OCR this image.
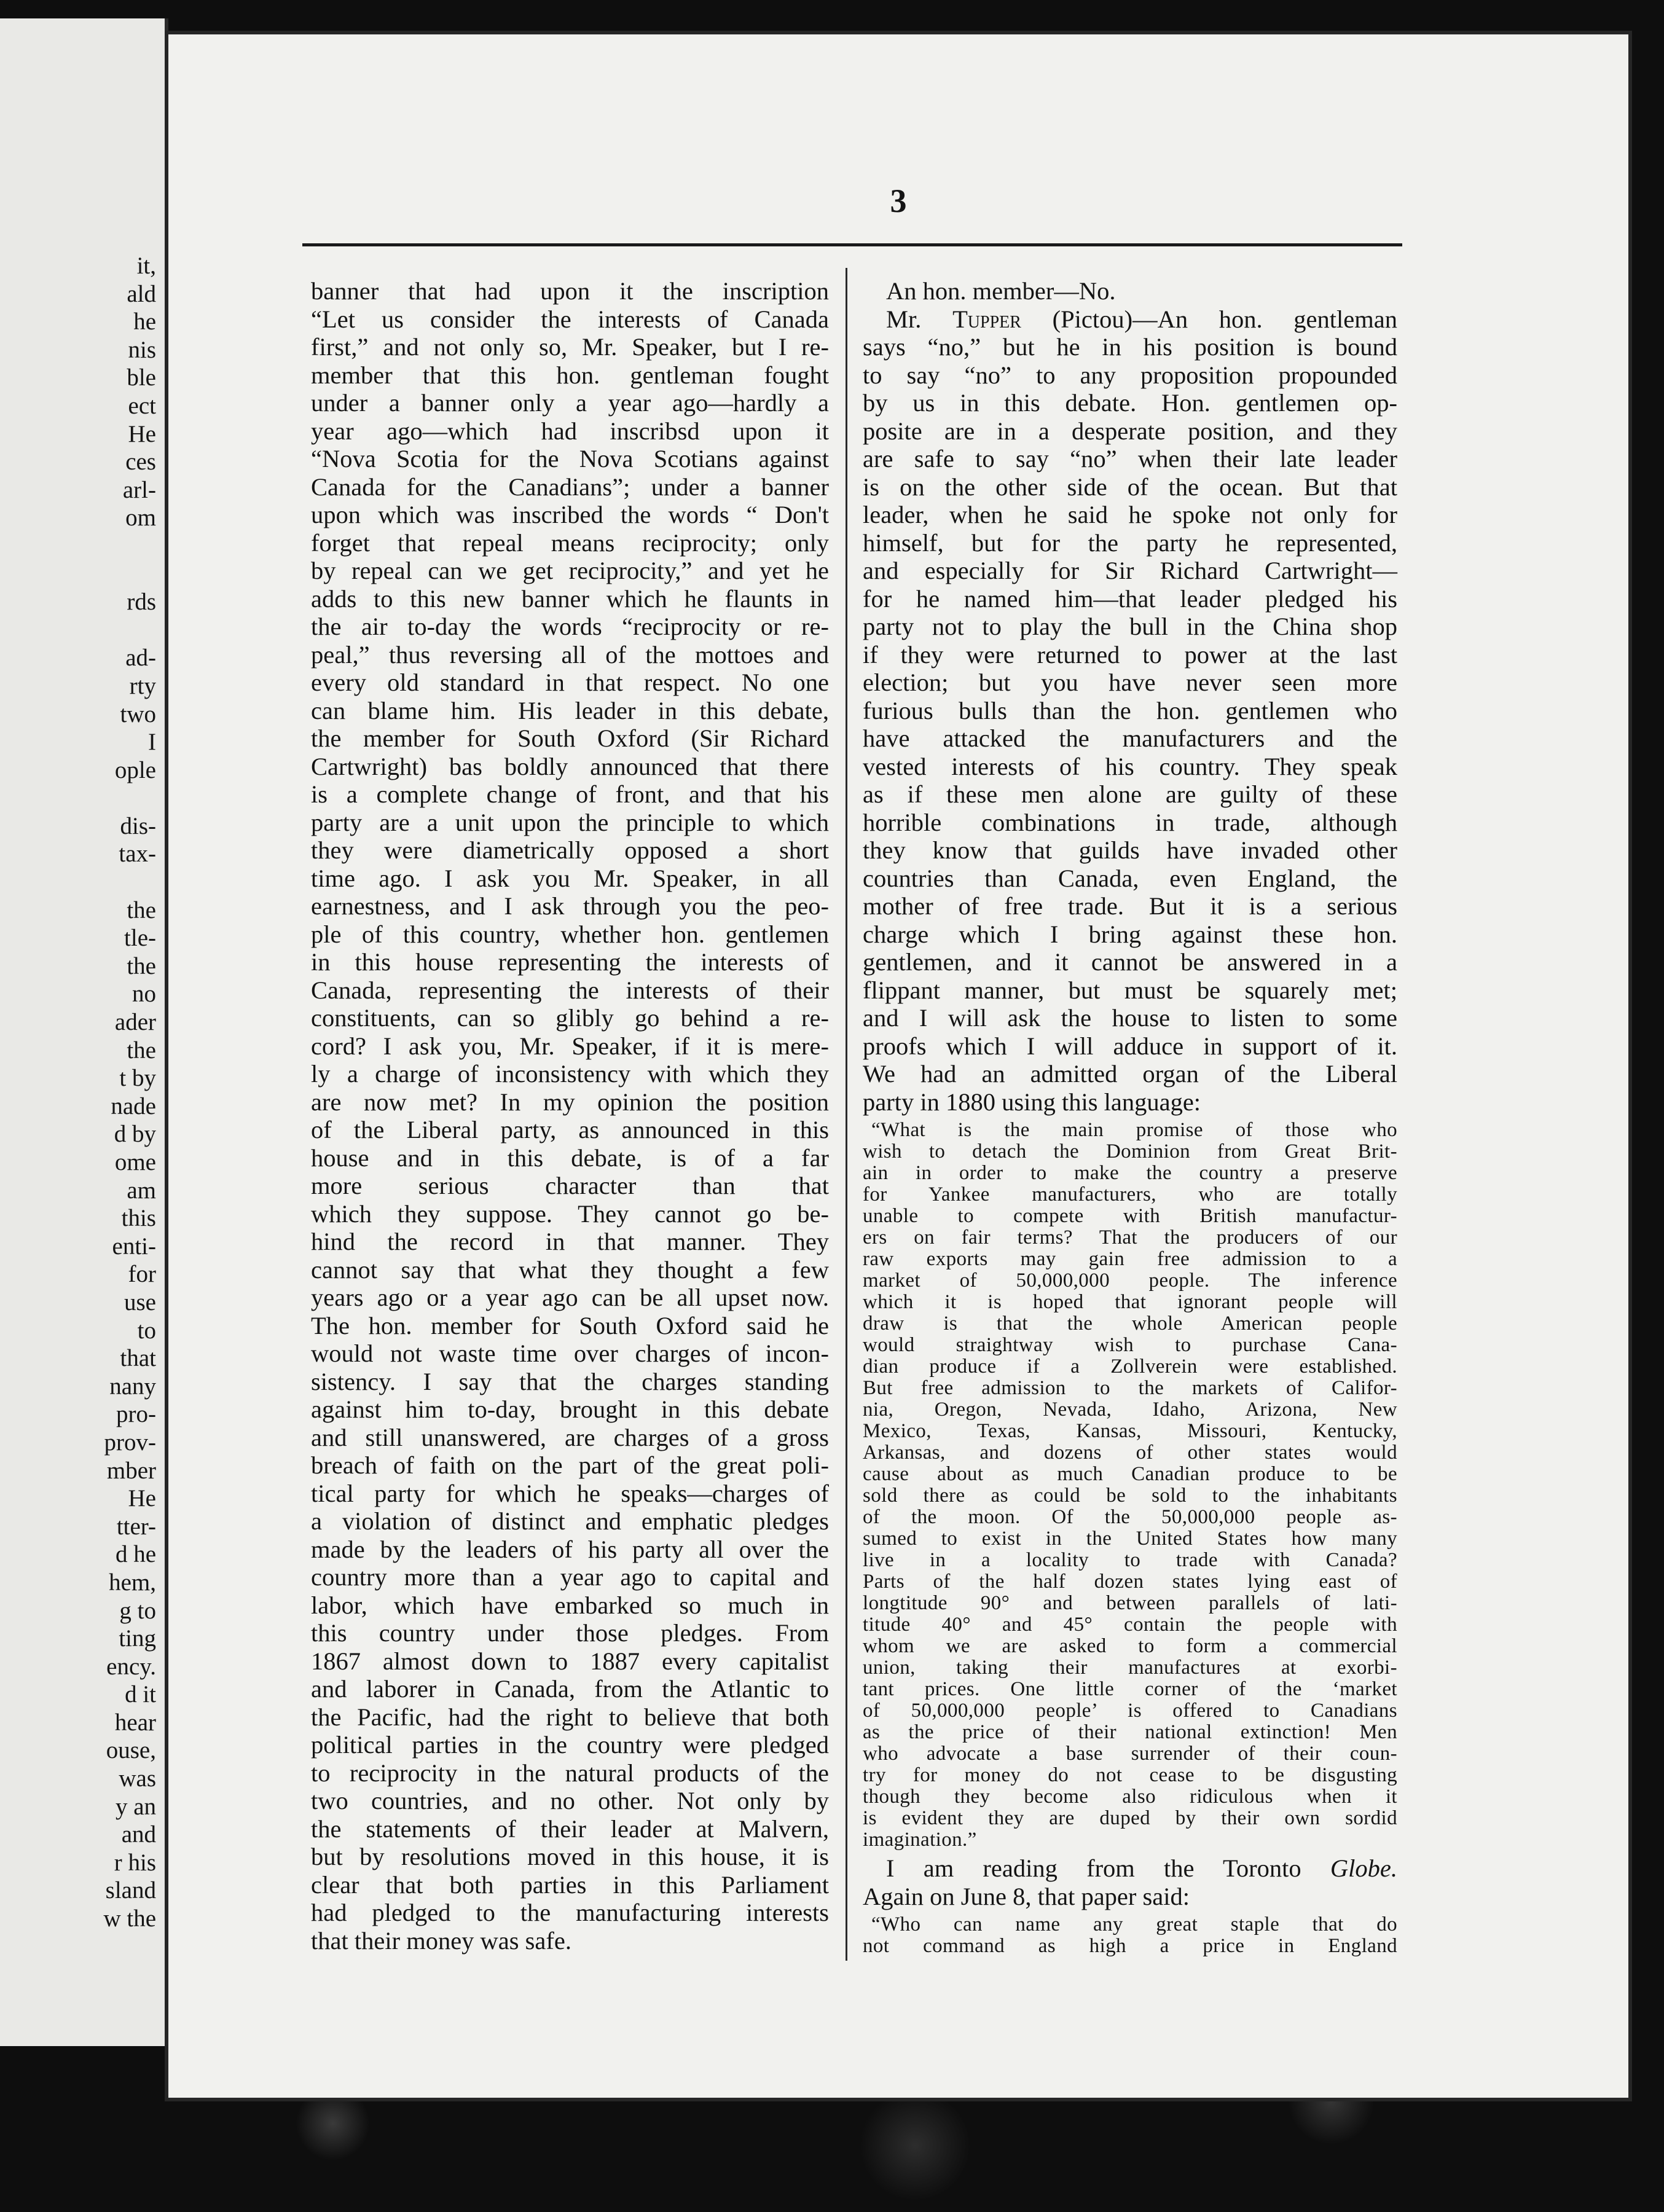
it,
ald
he
nis
ble
ect
He
ces
arl-
om
rds
ad-
rty
two
I
ople
dis-
tax-
the
tle-
the
no
ader
the
t by
nade
d by
ome
am
this
enti-
for
use
to
that
nany
pro-
prov-
mber
He
tter-
d he
hem,
g to
ting
ency.
d it
hear
ouse,
was
y an
and
r his
sland
w the
3
banner that had upon it the inscription
“Let us consider the interests of Canada
first,” and not only so, Mr. Speaker, but I re-
member that this hon. gentleman fought
under a banner only a year ago—hardly a
year ago—which had inscribsd upon it
“Nova Scotia for the Nova Scotians against
Canada for the Canadians”; under a banner
upon which was inscribed the words “ Don't
forget that repeal means reciprocity; only
by repeal can we get reciprocity,” and yet he
adds to this new banner which he flaunts in
the air to-day the words “reciprocity or re-
peal,” thus reversing all of the mottoes and
every old standard in that respect. No one
can blame him. His leader in this debate,
the member for South Oxford (Sir Richard
Cartwright) bas boldly announced that there
is a complete change of front, and that his
party are a unit upon the principle to which
they were diametrically opposed a short
time ago. I ask you Mr. Speaker, in all
earnestness, and I ask through you the peo-
ple of this country, whether hon. gentlemen
in this house representing the interests of
Canada, representing the interests of their
constituents, can so glibly go behind a re-
cord? I ask you, Mr. Speaker, if it is mere-
ly a charge of inconsistency with which they
are now met? In my opinion the position
of the Liberal party, as announced in this
house and in this debate, is of a far
more serious character than that
which they suppose. They cannot go be-
hind the record in that manner. They
cannot say that what they thought a few
years ago or a year ago can be all upset now.
The hon. member for South Oxford said he
would not waste time over charges of incon-
sistency. I say that the charges standing
against him to-day, brought in this debate
and still unanswered, are charges of a gross
breach of faith on the part of the great poli-
tical party for which he speaks—charges of
a violation of distinct and emphatic pledges
made by the leaders of his party all over the
country more than a year ago to capital and
labor, which have embarked so much in
this country under those pledges. From
1867 almost down to 1887 every capitalist
and laborer in Canada, from the Atlantic to
the Pacific, had the right to believe that both
political parties in the country were pledged
to reciprocity in the natural products of the
two countries, and no other. Not only by
the statements of their leader at Malvern,
but by resolutions moved in this house, it is
clear that both parties in this Parliament
had pledged to the manufacturing interests
that their money was safe.
An hon. member—No.
Mr. Tupper (Pictou)—An hon. gentleman
says “no,” but he in his position is bound
to say “no” to any proposition propounded
by us in this debate. Hon. gentlemen op-
posite are in a desperate position, and they
are safe to say “no” when their late leader
is on the other side of the ocean. But that
leader, when he said he spoke not only for
himself, but for the party he represented,
and especially for Sir Richard Cartwright—
for he named him—that leader pledged his
party not to play the bull in the China shop
if they were returned to power at the last
election; but you have never seen more
furious bulls than the hon. gentlemen who
have attacked the manufacturers and the
vested interests of his country. They speak
as if these men alone are guilty of these
horrible combinations in trade, although
they know that guilds have invaded other
countries than Canada, even England, the
mother of free trade. But it is a serious
charge which I bring against these hon.
gentlemen, and it cannot be answered in a
flippant manner, but must be squarely met;
and I will ask the house to listen to some
proofs which I will adduce in support of it.
We had an admitted organ of the Liberal
party in 1880 using this language:
“What is the main promise of those who
wish to detach the Dominion from Great Brit-
ain in order to make the country a preserve
for Yankee manufacturers, who are totally
unable to compete with British manufactur-
ers on fair terms? That the producers of our
raw exports may gain free admission to a
market of 50,000,000 people. The inference
which it is hoped that ignorant people will
draw is that the whole American people
would straightway wish to purchase Cana-
dian produce if a Zollverein were established.
But free admission to the markets of Califor-
nia, Oregon, Nevada, Idaho, Arizona, New
Mexico, Texas, Kansas, Missouri, Kentucky,
Arkansas, and dozens of other states would
cause about as much Canadian produce to be
sold there as could be sold to the inhabitants
of the moon. Of the 50,000,000 people as-
sumed to exist in the United States how many
live in a locality to trade with Canada?
Parts of the half dozen states lying east of
longtitude 90° and between parallels of lati-
titude 40° and 45° contain the people with
whom we are asked to form a commercial
union, taking their manufactures at exorbi-
tant prices. One little corner of the ‘market
of 50,000,000 people’ is offered to Canadians
as the price of their national extinction! Men
who advocate a base surrender of their coun-
try for money do not cease to be disgusting
though they become also ridiculous when it
is evident they are duped by their own sordid
imagination.”
I am reading from the Toronto Globe.
Again on June 8, that paper said:
“Who can name any great staple that do
not command as high a price in England
